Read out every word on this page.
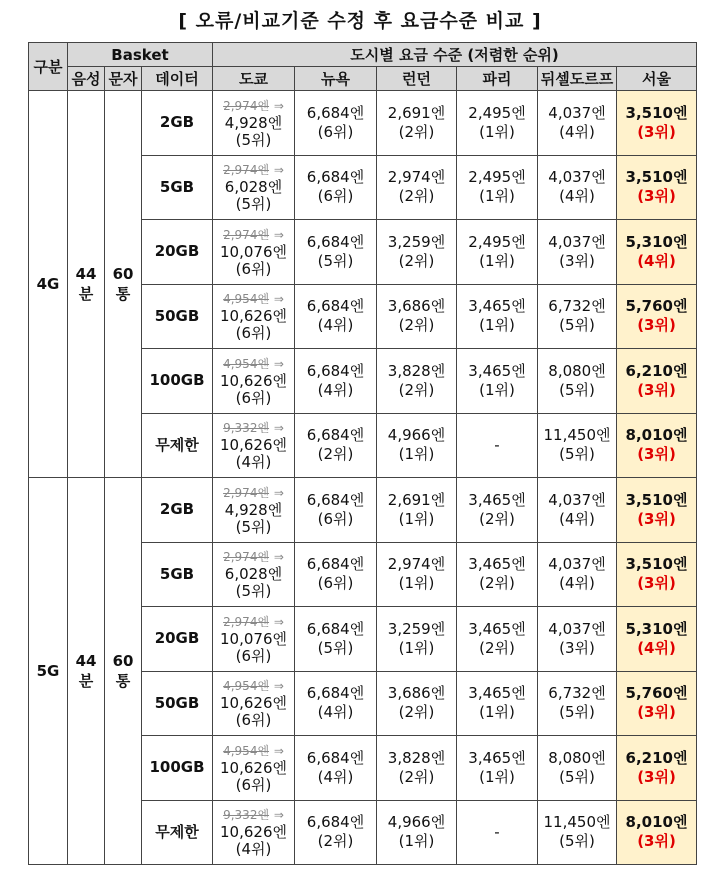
[ 오류/비교기준 수정 후 요금수준 비교 ]
구분	Basket			도시별 요금 수준 (저렴한 순위)					
	음성	문자	데이터	도쿄	뉴욕	런던	파리	뒤셀도르프	서울
4G	44
분	60
통	2GB	2,974엔 ⇒
4,928엔
(5위)	6,684엔
(6위)	2,691엔
(2위)	2,495엔
(1위)	4,037엔
(4위)	3,510엔
(3위)

			5GB	2,974엔 ⇒
6,028엔
(5위)	6,684엔
(6위)	2,974엔
(2위)	2,495엔
(1위)	4,037엔
(4위)	3,510엔
(3위)

			20GB	2,974엔 ⇒
10,076엔
(6위)	6,684엔
(5위)	3,259엔
(2위)	2,495엔
(1위)	4,037엔
(3위)	5,310엔
(4위)

			50GB	4,954엔 ⇒
10,626엔
(6위)	6,684엔
(4위)	3,686엔
(2위)	3,465엔
(1위)	6,732엔
(5위)	5,760엔
(3위)

			100GB	4,954엔 ⇒
10,626엔
(6위)	6,684엔
(4위)	3,828엔
(2위)	3,465엔
(1위)	8,080엔
(5위)	6,210엔
(3위)

			무제한	9,332엔 ⇒
10,626엔
(4위)	6,684엔
(2위)	4,966엔
(1위)	-	11,450엔
(5위)	8,010엔
(3위)

5G	44
분	60
통	2GB	2,974엔 ⇒
4,928엔
(5위)	6,684엔
(6위)	2,691엔
(1위)	3,465엔
(2위)	4,037엔
(4위)	3,510엔
(3위)

			5GB	2,974엔 ⇒
6,028엔
(5위)	6,684엔
(6위)	2,974엔
(1위)	3,465엔
(2위)	4,037엔
(4위)	3,510엔
(3위)

			20GB	2,974엔 ⇒
10,076엔
(6위)	6,684엔
(5위)	3,259엔
(1위)	3,465엔
(2위)	4,037엔
(3위)	5,310엔
(4위)

			50GB	4,954엔 ⇒
10,626엔
(6위)	6,684엔
(4위)	3,686엔
(2위)	3,465엔
(1위)	6,732엔
(5위)	5,760엔
(3위)

			100GB	4,954엔 ⇒
10,626엔
(6위)	6,684엔
(4위)	3,828엔
(2위)	3,465엔
(1위)	8,080엔
(5위)	6,210엔
(3위)

			무제한	9,332엔 ⇒
10,626엔
(4위)	6,684엔
(2위)	4,966엔
(1위)	-	11,450엔
(5위)	8,010엔
(3위)
